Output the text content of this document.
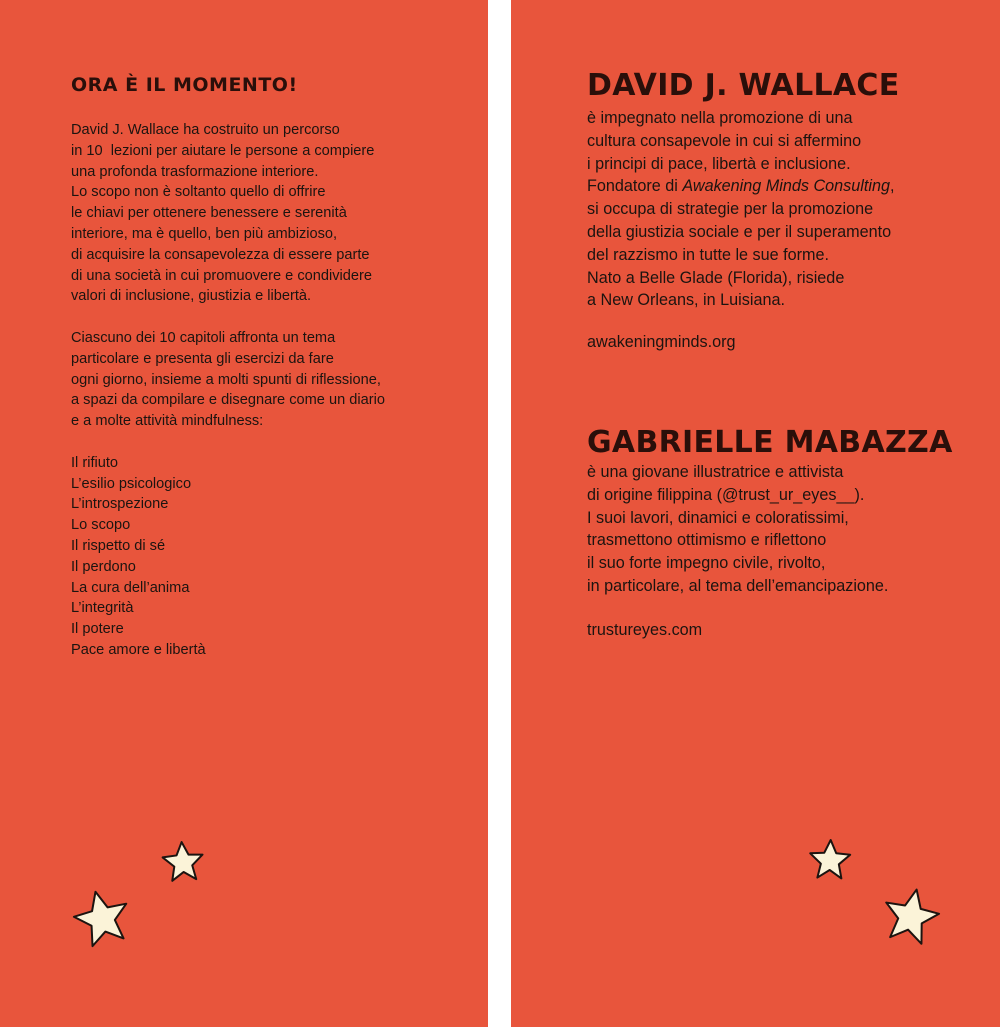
ORA È IL MOMENTO!

David J. Wallace ha costruito un percorso

in 10  lezioni per aiutare le persone a compiere

una profonda trasformazione interiore.

Lo scopo non è soltanto quello di offrire

le chiavi per ottenere benessere e serenità

interiore, ma è quello, ben più ambizioso,

di acquisire la consapevolezza di essere parte

di una società in cui promuovere e condividere

valori di inclusione, giustizia e libertà.

Ciascuno dei 10 capitoli affronta un tema

particolare e presenta gli esercizi da fare

ogni giorno, insieme a molti spunti di riflessione,

a spazi da compilare e disegnare come un diario

e a molte attività mindfulness:

Il rifiuto

L’esilio psicologico

L’introspezione

Lo scopo

Il rispetto di sé

Il perdono

La cura dell’anima

L’integrità

Il potere

Pace amore e libertà

DAVID J. WALLACE

è impegnato nella promozione di una

cultura consapevole in cui si affermino

i principi di pace, libertà e inclusione.

Fondatore di Awakening Minds Consulting,

si occupa di strategie per la promozione

della giustizia sociale e per il superamento

del razzismo in tutte le sue forme.

Nato a Belle Glade (Florida), risiede

a New Orleans, in Luisiana.

awakeningminds.org
GABRIELLE MABAZZA

è una giovane illustratrice e attivista

di origine filippina (@trust_ur_eyes__).

I suoi lavori, dinamici e coloratissimi,

trasmettono ottimismo e riflettono

il suo forte impegno civile, rivolto,

in particolare, al tema dell’emancipazione.

trustureyes.com
